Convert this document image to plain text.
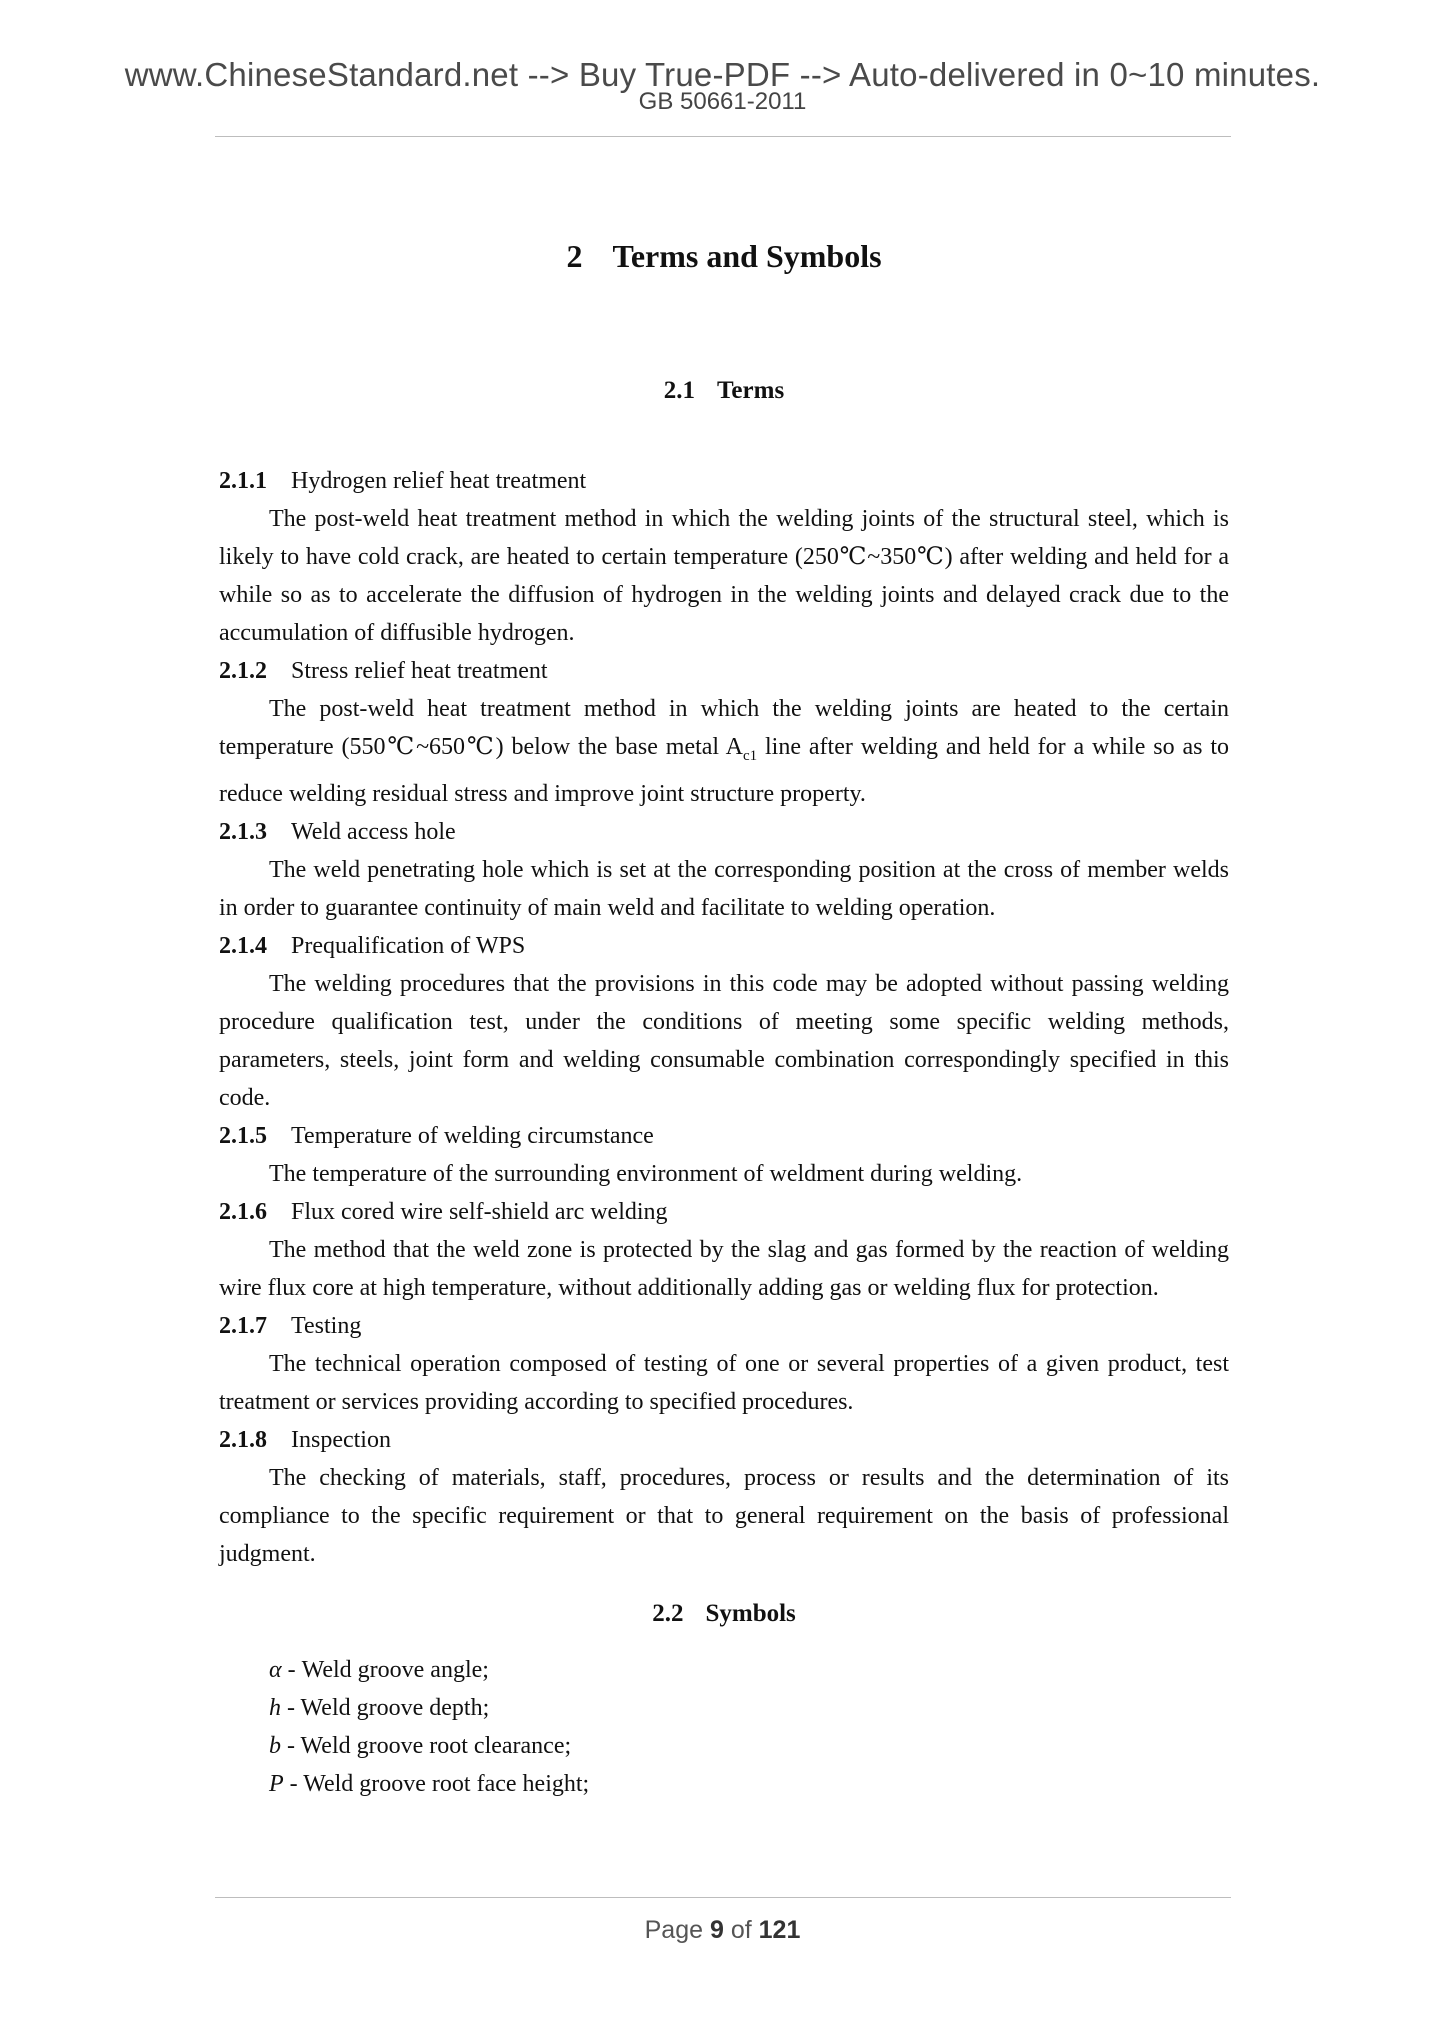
www.ChineseStandard.net --> Buy True-PDF --> Auto-delivered in 0~10 minutes.
GB 50661-2011
2 Terms and Symbols
2.1 Terms
2.1.1 Hydrogen relief heat treatment

The post-weld heat treatment method in which the welding joints of the structural steel, which is likely to have cold crack, are heated to certain temperature (250℃~350℃) after welding and held for a while so as to accelerate the diffusion of hydrogen in the welding joints and delayed crack due to the accumulation of diffusible hydrogen.

2.1.2 Stress relief heat treatment

The post-weld heat treatment method in which the welding joints are heated to the certain temperature (550℃~650℃) below the base metal $A_{c1}$ line after welding and held for a while so as to reduce welding residual stress and improve joint structure property.

2.1.3 Weld access hole

The weld penetrating hole which is set at the corresponding position at the cross of member welds in order to guarantee continuity of main weld and facilitate to welding operation.

2.1.4 Prequalification of WPS

The welding procedures that the provisions in this code may be adopted without passing welding procedure qualification test, under the conditions of meeting some specific welding methods, parameters, steels, joint form and welding consumable combination correspondingly specified in this code.

2.1.5 Temperature of welding circumstance

The temperature of the surrounding environment of weldment during welding.

2.1.6 Flux cored wire self-shield arc welding

The method that the weld zone is protected by the slag and gas formed by the reaction of welding wire flux core at high temperature, without additionally adding gas or welding flux for protection.

2.1.7 Testing

The technical operation composed of testing of one or several properties of a given product, test treatment or services providing according to specified procedures.

2.1.8 Inspection

The checking of materials, staff, procedures, process or results and the determination of its compliance to the specific requirement or that to general requirement on the basis of professional judgment.

2.2 Symbols
α - Weld groove angle;
h - Weld groove depth;
b - Weld groove root clearance;
P - Weld groove root face height;
Page 9 of 121
